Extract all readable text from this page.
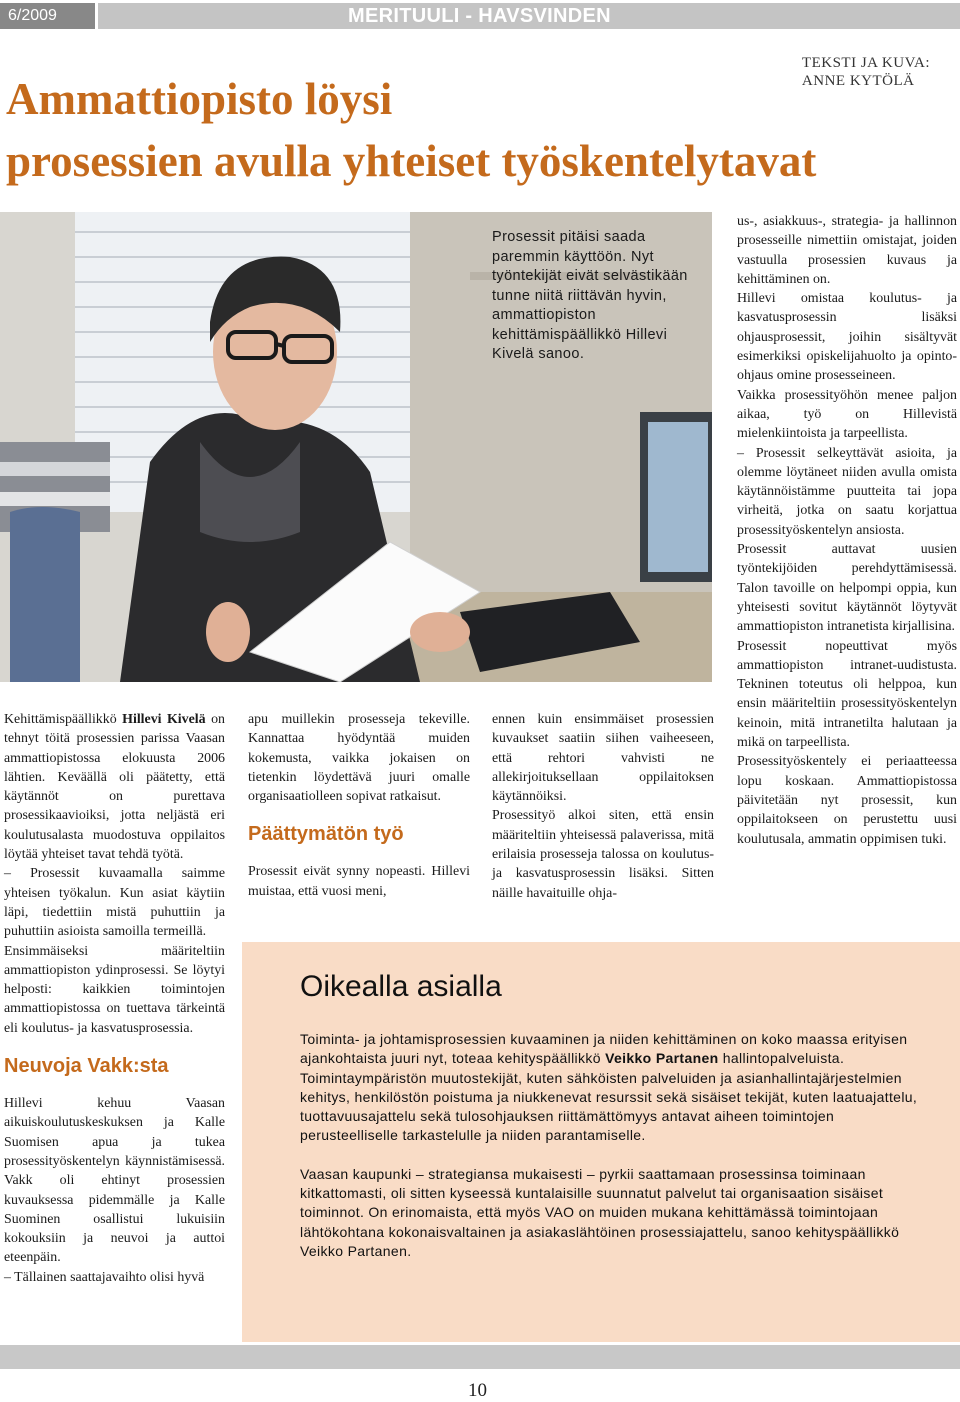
6/2009	MERITUULI - HAVSVINDEN
TEKSTI JA KUVA:
ANNE KYTÖLÄ
Ammattiopisto löysi
prosessien avulla yhteiset työskentelytavat
Prosessit pitäisi saada paremmin käyttöön. Nyt työntekijät eivät selvästikään tunne niitä riittävän hyvin, ammattiopiston kehittämispäällikkö Hillevi Kivelä sanoo.

Kehittämispäällikkö Hillevi Kivelä on tehnyt töitä prosessien parissa Vaasan ammattiopistossa elokuusta 2006 lähtien. Keväällä oli päätetty, että käytännöt on purettava prosessikaavioiksi, jotta neljästä eri koulutusalasta muodostuva oppilaitos löytää yhteiset tavat tehdä työtä.

– Prosessit kuvaamalla saimme yhteisen työkalun. Kun asiat käytiin läpi, tiedettiin mistä puhuttiin ja puhuttiin asioista samoilla termeillä.

Ensimmäiseksi määriteltiin ammattiopiston ydinprosessi. Se löytyi helposti: kaikkien toimintojen ammattiopistossa on tuettava tärkeintä eli koulutus- ja kasvatusprosessia.

Neuvoja Vakk:sta

Hillevi kehuu Vaasan aikuiskoulutuskeskuksen ja Kalle Suomisen apua ja tukea prosessityöskentelyn käynnistämisessä. Vakk oli ehtinyt prosessien kuvauksessa pidemmälle ja Kalle Suominen osallistui lukuisiin kokouksiin ja neuvoi ja auttoi eteenpäin.

– Tällainen saattajavaihto olisi hyvä

apu muillekin prosesseja tekeville. Kannattaa hyödyntää muiden kokemusta, vaikka jokaisen on tietenkin löydettävä juuri omalle organisaatiolleen sopivat ratkaisut.

Päättymätön työ

Prosessit eivät synny nopeasti. Hillevi muistaa, että vuosi meni,

ennen kuin ensimmäiset prosessien kuvaukset saatiin siihen vaiheeseen, että rehtori vahvisti ne allekirjoituksellaan oppilaitoksen käytännöiksi.

Prosessityö alkoi siten, että ensin määriteltiin yhteisessä palaverissa, mitä erilaisia prosesseja talossa on koulutus- ja kasvatusprosessin lisäksi. Sitten näille havaituille ohja-

us-, asiakkuus-, strategia- ja hallinnon prosesseille nimettiin omistajat, joiden vastuulla prosessien kuvaus ja kehittäminen on.

Hillevi omistaa koulutus- ja kasvatusprosessin lisäksi ohjausprosessit, joihin sisältyvät esimerkiksi opiskelijahuolto ja opinto-ohjaus omine prosesseineen.

Vaikka prosessityöhön menee paljon aikaa, työ on Hillevistä mielenkiintoista ja tarpeellista.

– Prosessit selkeyttävät asioita, ja olemme löytäneet niiden avulla omista käytännöistämme puutteita tai jopa virheitä, jotka on saatu korjattua prosessityöskentelyn ansiosta.

Prosessit auttavat uusien työntekijöiden perehdyttämisessä. Talon tavoille on helpompi oppia, kun yhteisesti sovitut käytännöt löytyvät ammattiopiston intranetista kirjallisina.

Prosessit nopeuttivat myös ammattiopiston intranet-uudistusta. Tekninen toteutus oli helppoa, kun ensin määriteltiin prosessityöskentelyn keinoin, mitä intranetilta halutaan ja mikä on tarpeellista.

Prosessityöskentely ei periaatteessa lopu koskaan. Ammattiopistossa päivitetään nyt prosessit, kun oppilaitokseen on perustettu uusi koulutusala, ammatin oppimisen tuki.

Oikealla asialla

Toiminta- ja johtamisprosessien kuvaaminen ja niiden kehittäminen on koko maassa erityisen ajankohtaista juuri nyt, toteaa kehityspäällikkö Veikko Partanen hallintopalveluista. Toimintaympäristön muutostekijät, kuten sähköisten palveluiden ja asianhallintajärjestelmien kehitys, henkilöstön poistuma ja niukkenevat resurssit sekä sisäiset tekijät, kuten laatuajattelu, tuottavuusajattelu sekä tulosohjauksen riittämättömyys antavat aiheen toimintojen perusteelliselle tarkastelulle ja niiden parantamiselle.

Vaasan kaupunki – strategiansa mukaisesti – pyrkii saattamaan prosessinsa toiminaan kitkattomasti, oli sitten kyseessä kuntalaisille suunnatut palvelut tai organisaation sisäiset toiminnot. On erinomaista, että myös VAO on muiden mukana kehittämässä toimintojaan lähtökohtana kokonaisvaltainen ja asiakaslähtöinen prosessiajattelu, sanoo kehityspäällikkö Veikko Partanen.

10
